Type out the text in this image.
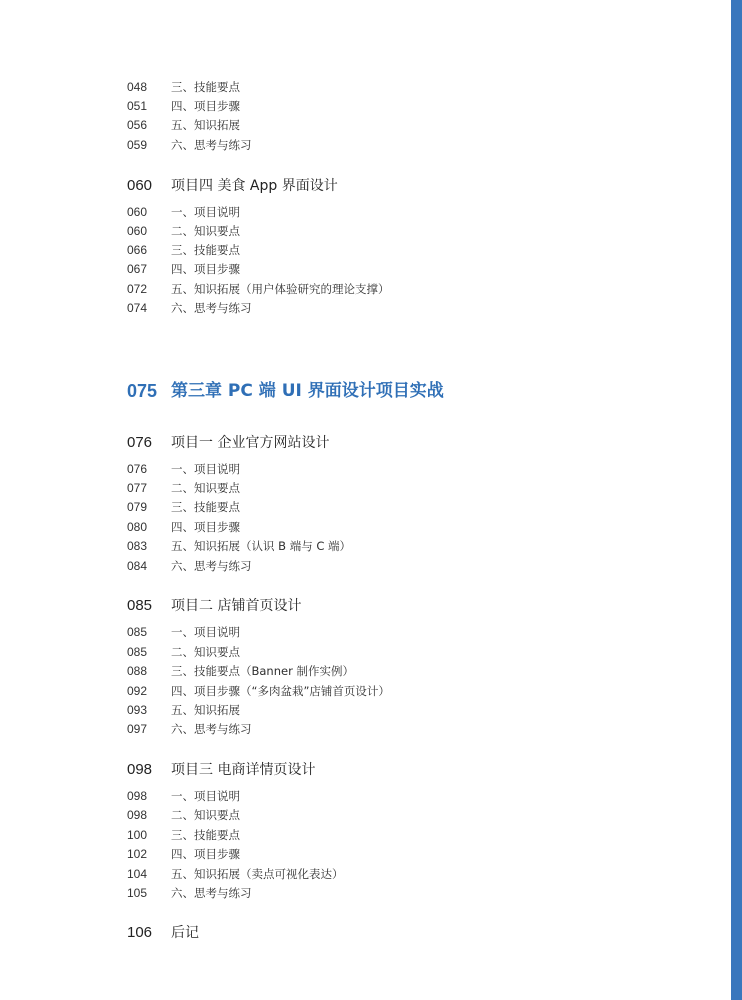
048 三、技能要点
051 四、项目步骤
056 五、知识拓展
059 六、思考与练习
060 项目四 美食 App 界面设计
060 一、项目说明
060 二、知识要点
066 三、技能要点
067 四、项目步骤
072 五、知识拓展（用户体验研究的理论支撑）
074 六、思考与练习
075 第三章 PC 端 UI 界面设计项目实战
076 项目一 企业官方网站设计
076 一、项目说明
077 二、知识要点
079 三、技能要点
080 四、项目步骤
083 五、知识拓展（认识 B 端与 C 端）
084 六、思考与练习
085 项目二 店铺首页设计
085 一、项目说明
085 二、知识要点
088 三、技能要点（Banner 制作实例）
092 四、项目步骤（“多肉盆栽”店铺首页设计）
093 五、知识拓展
097 六、思考与练习
098 项目三 电商详情页设计
098 一、项目说明
098 二、知识要点
100 三、技能要点
102 四、项目步骤
104 五、知识拓展（卖点可视化表达）
105 六、思考与练习
106 后记
